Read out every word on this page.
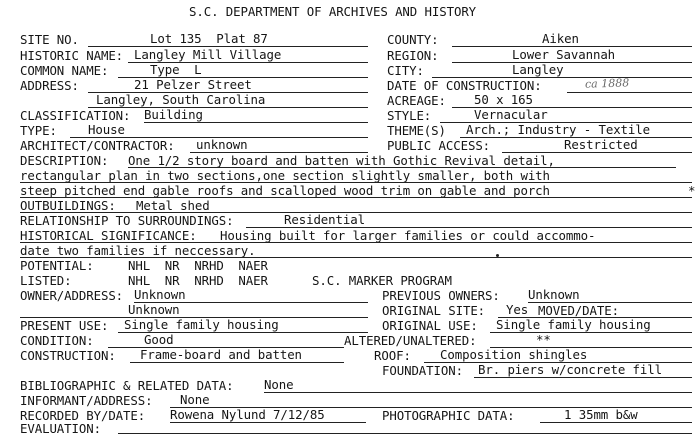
S.C. DEPARTMENT OF ARCHIVES AND HISTORY
SITE NO.	Lot 135  Plat 87	COUNTY:	Aiken
HISTORIC NAME: Langley Mill Village	REGION:	Lower Savannah
COMMON NAME:	Type  L	CITY:	Langley
ADDRESS:	21 Pelzer Street	DATE OF CONSTRUCTION:	ca 1888
Langley, South Carolina	ACREAGE: 50 x 165
CLASSIFICATION: Building	STYLE:	Vernacular
TYPE:	House	THEME(S) Arch.; Industry - Textile
ARCHITECT/CONTRACTOR: unknown	PUBLIC ACCESS:	Restricted
DESCRIPTION: One 1/2 story board and batten with Gothic Revival detail,
rectangular plan in two sections,one section slightly smaller, both with
steep pitched end gable roofs and scalloped wood trim on gable and porch	*
OUTBUILDINGS: Metal shed
RELATIONSHIP TO SURROUNDINGS:	Residential
HISTORICAL SIGNIFICANCE: Housing built for larger families or could accommo-
date two families if neccessary.
POTENTIAL:	NHL  NR  NRHD  NAER
LISTED:	NHL  NR  NRHD  NAER	S.C. MARKER PROGRAM
OWNER/ADDRESS: Unknown	PREVIOUS OWNERS: Unknown
Unknown	ORIGINAL SITE: Yes MOVED/DATE:
PRESENT USE: Single family housing	ORIGINAL USE: Single family housing
CONDITION:	Good	ALTERED/UNALTERED:	**
CONSTRUCTION: Frame-board and batten	ROOF: Composition shingles
FOUNDATION: Br. piers w/concrete fill
BIBLIOGRAPHIC & RELATED DATA: None
INFORMANT/ADDRESS: None
RECORDED BY/DATE: Rowena Nylund 7/12/85	PHOTOGRAPHIC DATA:	1 35mm b&w
EVALUATION:
